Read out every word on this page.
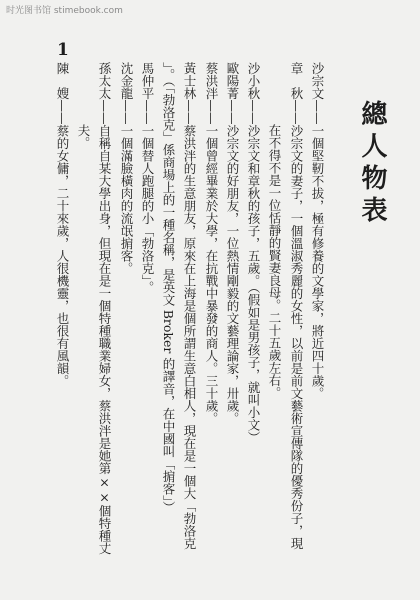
时光图书馆 stimebook.com
1
總人物表
沙宗文——一個堅靭不拔，極有修養的文學家，將近四十歲。
章　秋——沙宗文的妻子，一個溫淑秀麗的女性，以前是前文藝術宣傳隊的優秀份子，現
在不得不是一位恬靜的賢妻良母。二十五歲左右。
沙小秋——沙宗文和章秋的孩子，五歲。（假如是男孩子，就叫小文）
歐陽菁——沙宗文的好朋友，一位熱情剛毅的文藝理論家，卅歲。
蔡洪泮——一個曾經畢業於大學，在抗戰中暴發的商人。三十歲。
黃士林——蔡洪泮的生意朋友，原來在上海是個所謂生意白相人，現在是一個大「勃洛克
」。（「勃洛克」係商場上的一種名稱，是英文 Broker 的譯音，在中國叫「掮客」）
馬仲平——一個替人跑腿的小「勃洛克」。
沈金龍——一個滿臉橫肉的流氓掮客。
孫太太——自稱自某大學出身，但現在是一個特種職業婦女，蔡洪泮是她第××個特種丈
夫。
陳　嫂——蔡的女傭，二十來歲，人很機靈，也很有風韻。
